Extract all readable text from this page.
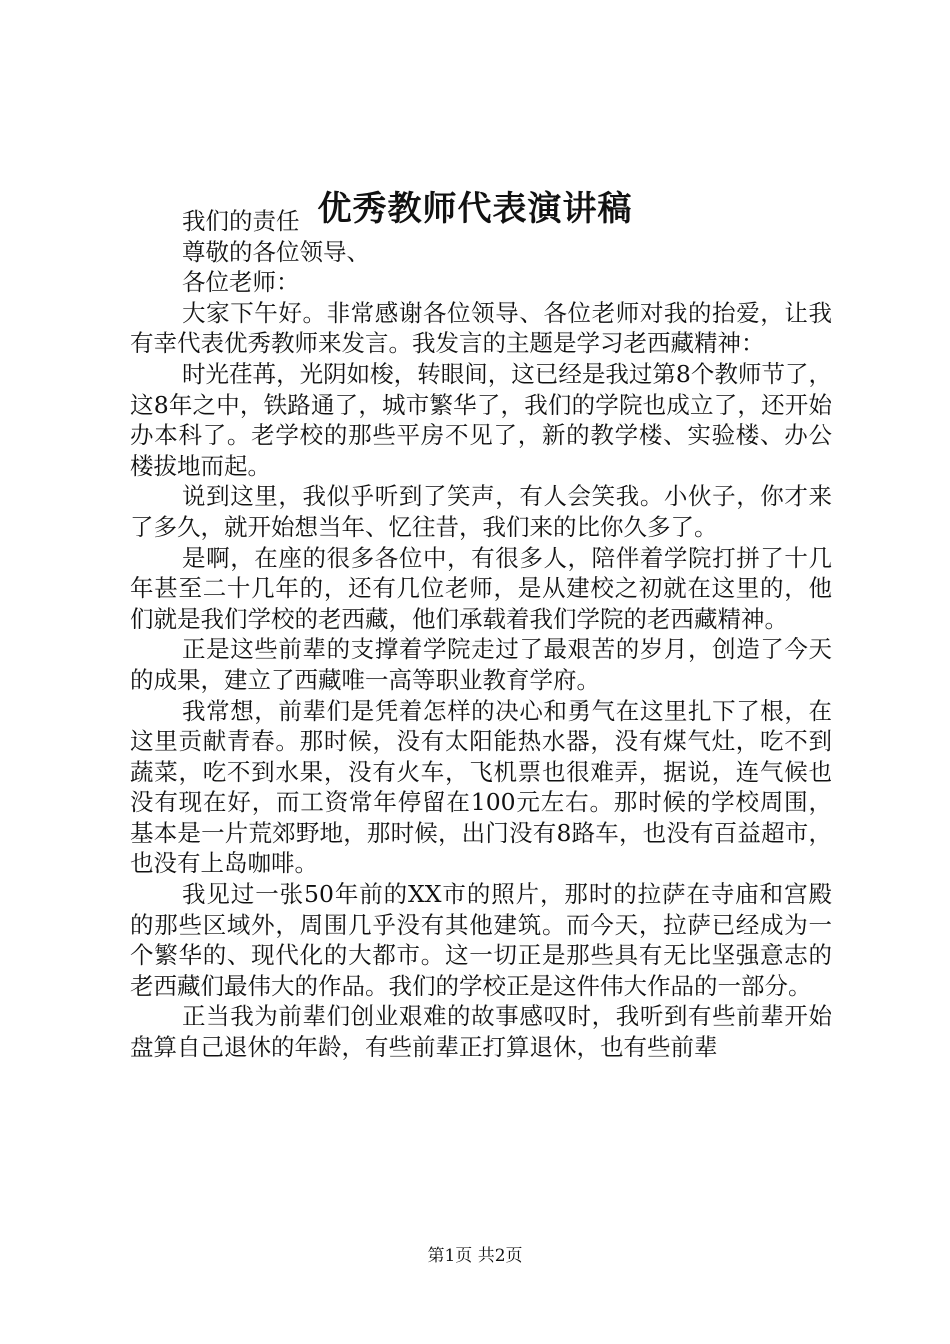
优秀教师代表演讲稿

我们的责任

尊敬的各位领导、

各位老师：

大家下午好。非常感谢各位领导、各位老师对我的抬爱，让我有幸代表优秀教师来发言。我发言的主题是学习老西藏精神：

时光荏苒，光阴如梭，转眼间，这已经是我过第8个教师节了，这8年之中，铁路通了，城市繁华了，我们的学院也成立了，还开始办本科了。老学校的那些平房不见了，新的教学楼、实验楼、办公楼拔地而起。

说到这里，我似乎听到了笑声，有人会笑我。小伙子，你才来了多久，就开始想当年、忆往昔，我们来的比你久多了。

是啊，在座的很多各位中，有很多人，陪伴着学院打拼了十几年甚至二十几年的，还有几位老师，是从建校之初就在这里的，他们就是我们学校的老西藏，他们承载着我们学院的老西藏精神。

正是这些前辈的支撑着学院走过了最艰苦的岁月，创造了今天的成果，建立了西藏唯一高等职业教育学府。

我常想，前辈们是凭着怎样的决心和勇气在这里扎下了根，在这里贡献青春。那时候，没有太阳能热水器，没有煤气灶，吃不到蔬菜，吃不到水果，没有火车，飞机票也很难弄，据说，连气候也没有现在好，而工资常年停留在100元左右。那时候的学校周围，基本是一片荒郊野地，那时候，出门没有8路车，也没有百益超市，也没有上岛咖啡。

我见过一张50年前的XX市的照片，那时的拉萨在寺庙和宫殿的那些区域外，周围几乎没有其他建筑。而今天，拉萨已经成为一个繁华的、现代化的大都市。这一切正是那些具有无比坚强意志的老西藏们最伟大的作品。我们的学校正是这件伟大作品的一部分。

正当我为前辈们创业艰难的故事感叹时，我听到有些前辈开始盘算自己退休的年龄，有些前辈正打算退休，也有些前辈

第1页 共2页
